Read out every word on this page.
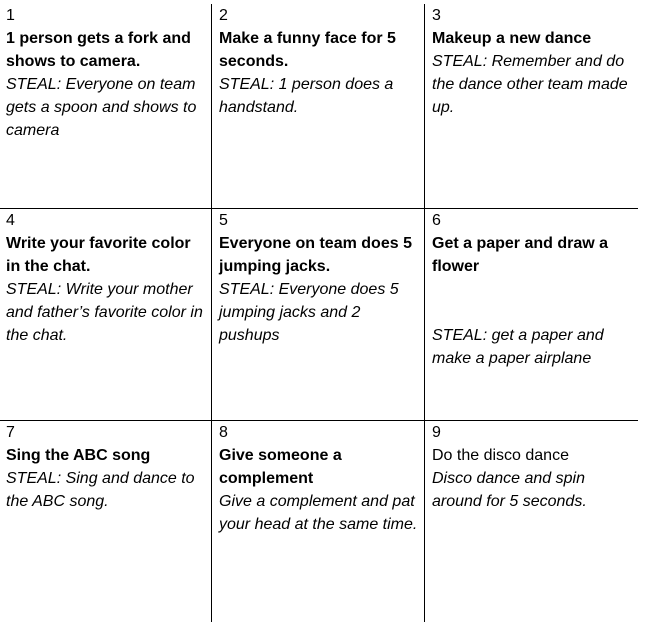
1

1 person gets a fork and shows to camera.

STEAL: Everyone on team gets a spoon and shows to camera

2

Make a funny face for 5 seconds.

STEAL: 1 person does a handstand.

3

Makeup a new dance

STEAL: Remember and do the dance other team made up.

4

Write your favorite color in the chat.

STEAL: Write your mother and father’s favorite color in the chat.

5

Everyone on team does 5 jumping jacks.

STEAL: Everyone does 5 jumping jacks and 2 pushups

6

Get a paper and draw a flower

STEAL: get a paper and make a paper airplane

7

Sing the ABC song

STEAL: Sing and dance to the ABC song.

8

Give someone a complement

Give a complement and pat your head at the same time.

9

Do the disco dance

Disco dance and spin around for 5 seconds.
